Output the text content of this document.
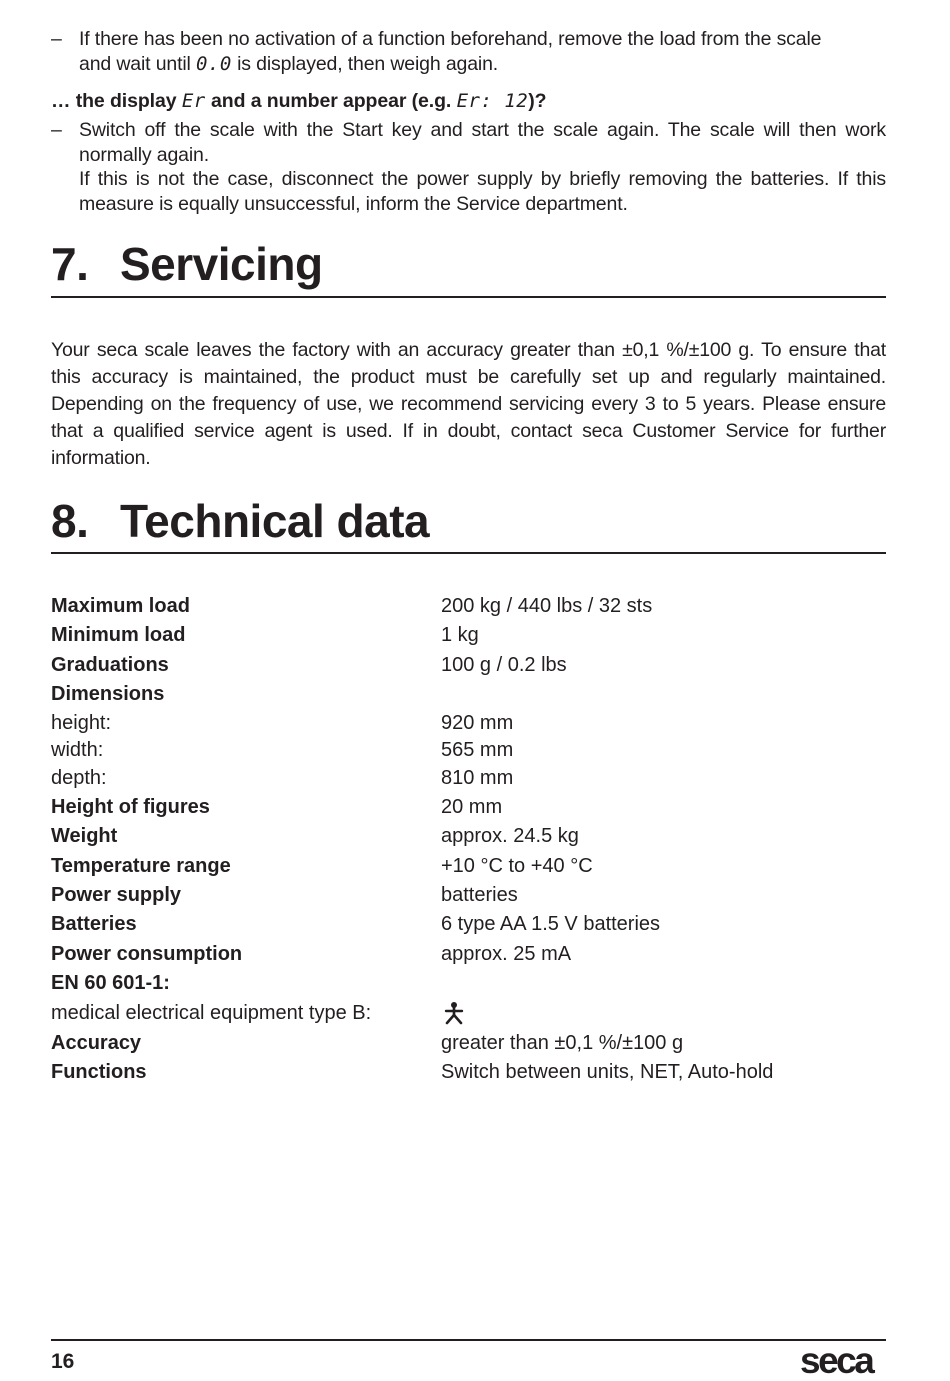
– If there has been no activation of a function beforehand, remove the load from the scale
and wait until 0.0 is displayed, then weigh again.
… the display Er and a number appear (e.g. Er: 12)?
– Switch off the scale with the Start key and start the scale again. The scale will then work normally again.

If this is not the case, disconnect the power supply by briefly removing the batteries. If this measure is equally unsuccessful, inform the Service department.

7. Servicing

Your seca scale leaves the factory with an accuracy greater than ±0,1 %/±100 g. To ensure that this accuracy is maintained, the product must be carefully set up and regularly maintained. Depending on the frequency of use, we recommend servicing every 3 to 5 years. Please ensure that a qualified service agent is used. If in doubt, contact seca Customer Service for further information.

8. Technical data
Maximum load	200 kg / 440 lbs / 32 sts
Minimum load	1 kg
Graduations	100 g / 0.2 lbs
Dimensions
height:	920 mm
width:	565 mm
depth:	810 mm
Height of figures	20 mm
Weight	approx. 24.5 kg
Temperature range	+10 °C to +40 °C
Power supply	batteries
Batteries	6 type AA 1.5 V batteries
Power consumption	approx. 25 mA
EN 60 601-1:
medical electrical equipment type B:
Accuracy	greater than ±0,1 %/±100 g
Functions	Switch between units, NET, Auto-hold
16	seca
